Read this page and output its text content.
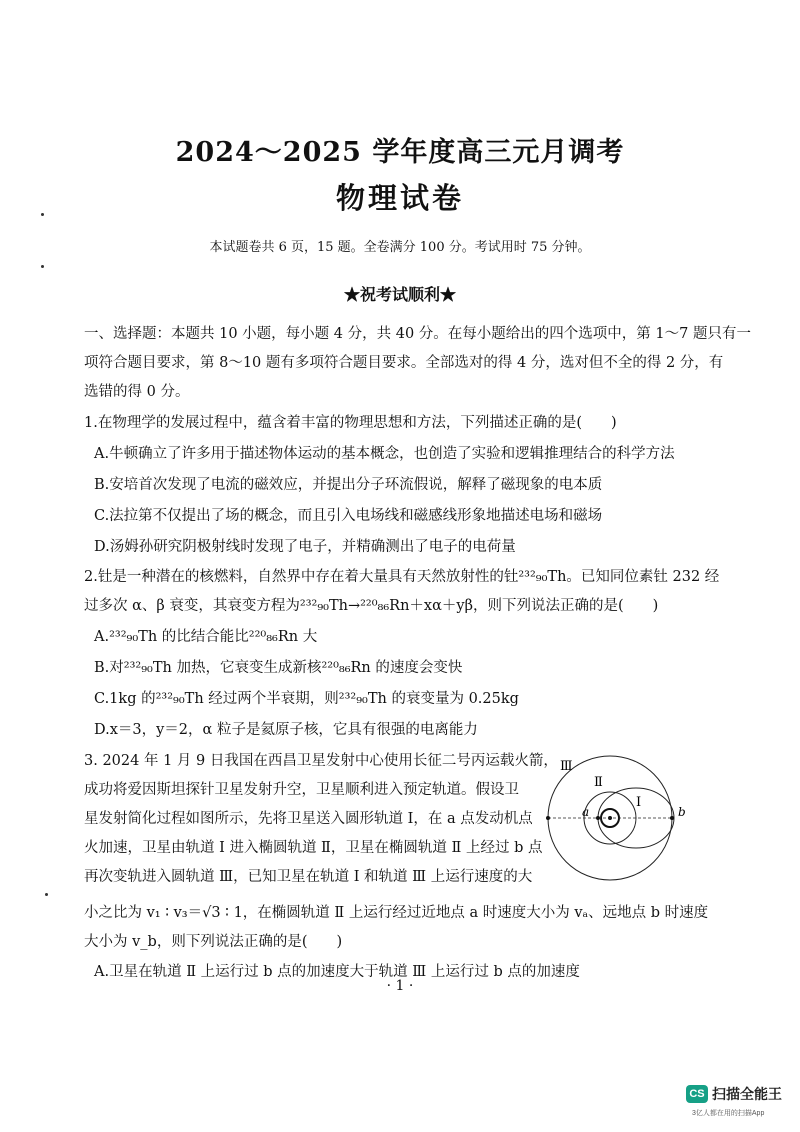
2024～2025 学年度高三元月调考
物理试卷
本试题卷共 6 页，15 题。全卷满分 100 分。考试用时 75 分钟。
★祝考试顺利★
一、选择题：本题共 10 小题，每小题 4 分，共 40 分。在每小题给出的四个选项中，第 1～7 题只有一
项符合题目要求，第 8～10 题有多项符合题目要求。全部选对的得 4 分，选对但不全的得 2 分，有
选错的得 0 分。
1.在物理学的发展过程中，蕴含着丰富的物理思想和方法，下列描述正确的是(　　)
A.牛顿确立了许多用于描述物体运动的基本概念，也创造了实验和逻辑推理结合的科学方法
B.安培首次发现了电流的磁效应，并提出分子环流假说，解释了磁现象的电本质
C.法拉第不仅提出了场的概念，而且引入电场线和磁感线形象地描述电场和磁场
D.汤姆孙研究阴极射线时发现了电子，并精确测出了电子的电荷量
2.钍是一种潜在的核燃料，自然界中存在着大量具有天然放射性的钍²³²₉₀Th。已知同位素钍 232 经
过多次 α、β 衰变，其衰变方程为²³²₉₀Th→²²⁰₈₆Rn＋xα＋yβ，则下列说法正确的是(　　)
A.²³²₉₀Th 的比结合能比²²⁰₈₆Rn 大
B.对²³²₉₀Th 加热，它衰变生成新核²²⁰₈₆Rn 的速度会变快
C.1kg 的²³²₉₀Th 经过两个半衰期，则²³²₉₀Th 的衰变量为 0.25kg
D.x＝3，y＝2，α 粒子是氦原子核，它具有很强的电离能力
3. 2024 年 1 月 9 日我国在西昌卫星发射中心使用长征二号丙运载火箭，
成功将爱因斯坦探针卫星发射升空，卫星顺利进入预定轨道。假设卫
星发射简化过程如图所示，先将卫星送入圆形轨道 Ⅰ，在 a 点发动机点
火加速，卫星由轨道 Ⅰ 进入椭圆轨道 Ⅱ，卫星在椭圆轨道 Ⅱ 上经过 b 点
再次变轨进入圆轨道 Ⅲ，已知卫星在轨道 Ⅰ 和轨道 Ⅲ 上运行速度的大
小之比为 v₁ ∶ v₃＝√3 ∶ 1，在椭圆轨道 Ⅱ 上运行经过近地点 a 时速度大小为 vₐ、远地点 b 时速度
大小为 v_b，则下列说法正确的是(　　)
A.卫星在轨道 Ⅱ 上运行过 b 点的加速度大于轨道 Ⅲ 上运行过 b 点的加速度
Ⅲ
Ⅱ
Ⅰ
a	b
· 1 ·
CS 扫描全能王
3亿人都在用的扫描App
